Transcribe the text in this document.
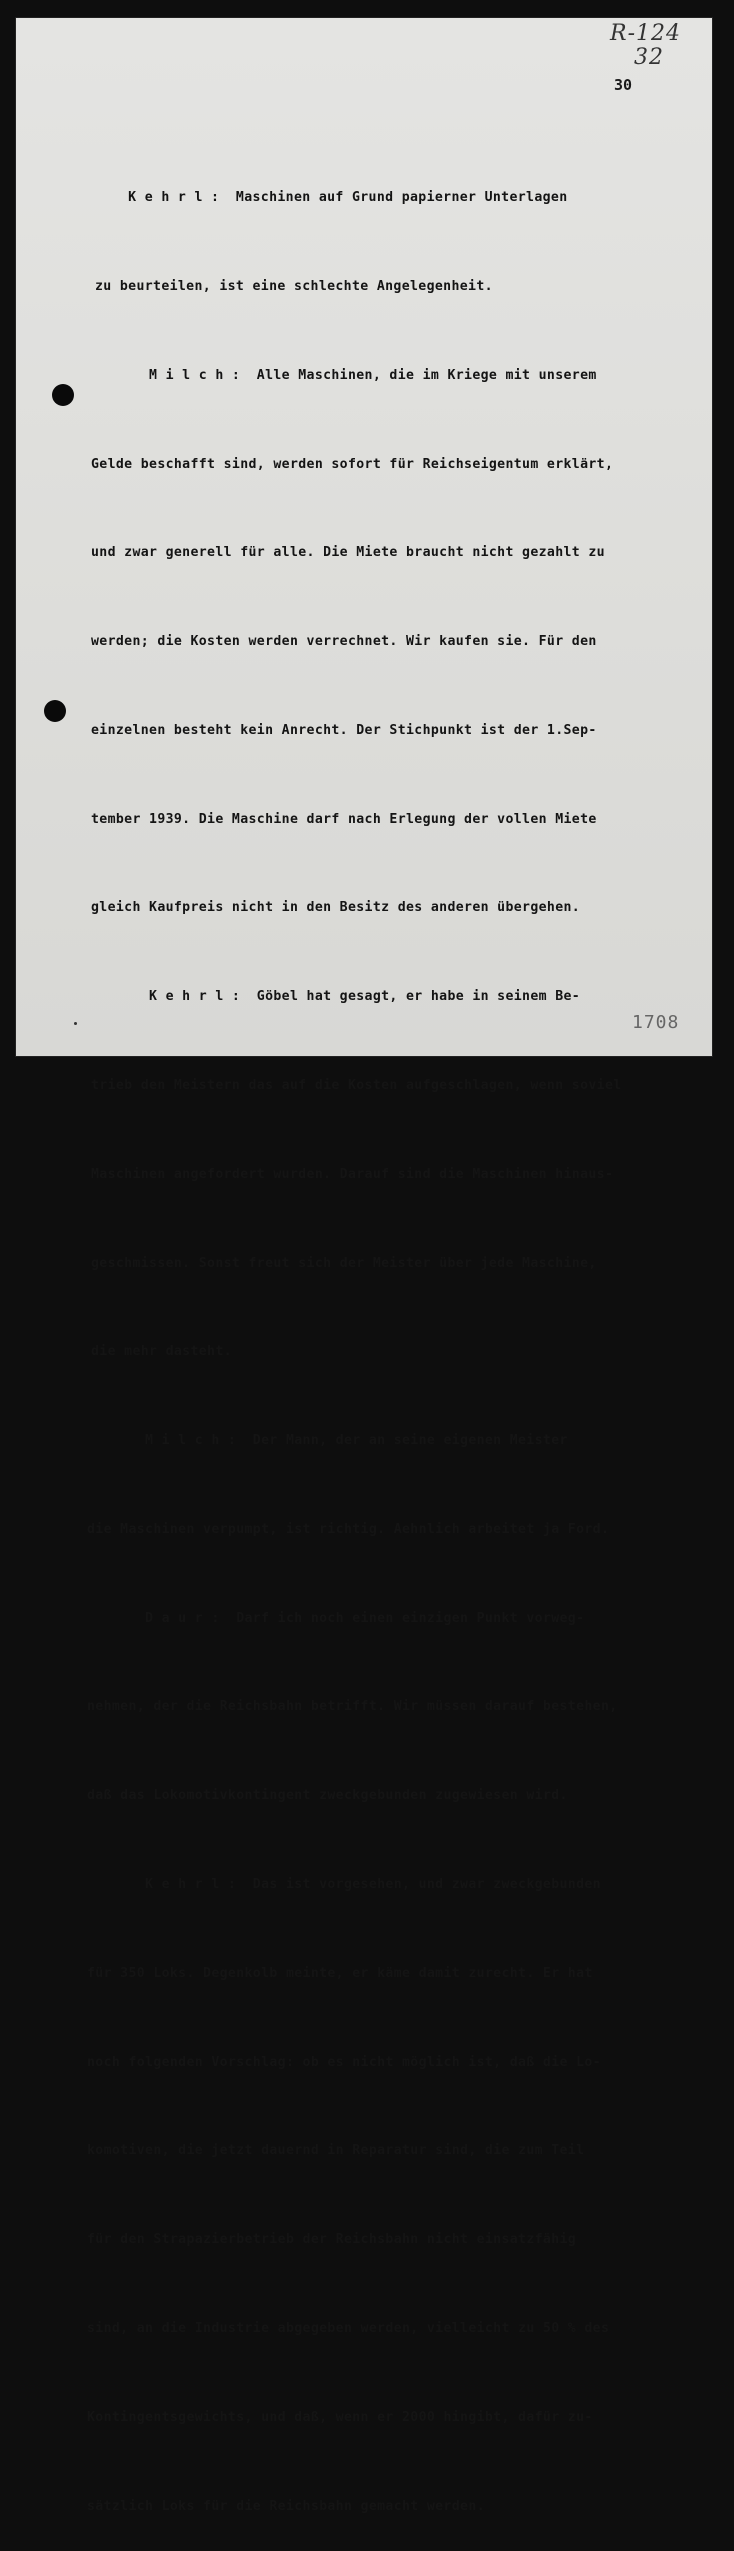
R-124
32
30

K e h r l :  Maschinen auf Grund papierner Unterlagen

zu beurteilen, ist eine schlechte Angelegenheit.

M i l c h :  Alle Maschinen, die im Kriege mit unserem

Gelde beschafft sind, werden sofort für Reichseigentum erklärt,

und zwar generell für alle. Die Miete braucht nicht gezahlt zu

werden; die Kosten werden verrechnet. Wir kaufen sie. Für den

einzelnen besteht kein Anrecht. Der Stichpunkt ist der 1.Sep-

tember 1939. Die Maschine darf nach Erlegung der vollen Miete

gleich Kaufpreis nicht in den Besitz des anderen übergehen.

K e h r l :  Göbel hat gesagt, er habe in seinem Be-

trieb den Meistern das auf die Kosten aufgeschlagen, wenn soviel

Maschinen angefordert wurden. Darauf sind die Maschinen hinaus-

geschmissen. Sonst freut sich der Meister über jede Maschine,

die mehr dasteht.

M i l c h :  Der Mann, der an seine eigenen Meister

die Maschinen verpumpt, ist richtig. Aehnlich arbeitet ja Ford.

D a u r :  Darf ich noch einen einzigen Punkt vorweg-

nehmen, der die Reichsbahn betrifft. Wir müssen darauf bestehen,

daß das Lokomotivkontingent zweckgebunden zugewiesen wird.

K e h r l :  Das ist vorgesehen, und zwar zweckgebunden

für 350 Loks. Degenkolb meinte, er käme damit zurecht. Er hat

noch folgenden Vorschlag: ob es nicht möglich ist, daß die Lo-

komotiven, die jetzt dauernd in Reparatur sind, die zum Teil

für den Strapazierbetrieb der Reichsbahn nicht einsatzfähig

sind, an die Industrie abgegeben werden, vielleicht zu 50 % des

Kontingentsgewichts, und daß, wenn er 2000 hingibt, dafür zu-

sätzlich Loks für die Reichsbahn gemacht werden.

1708
